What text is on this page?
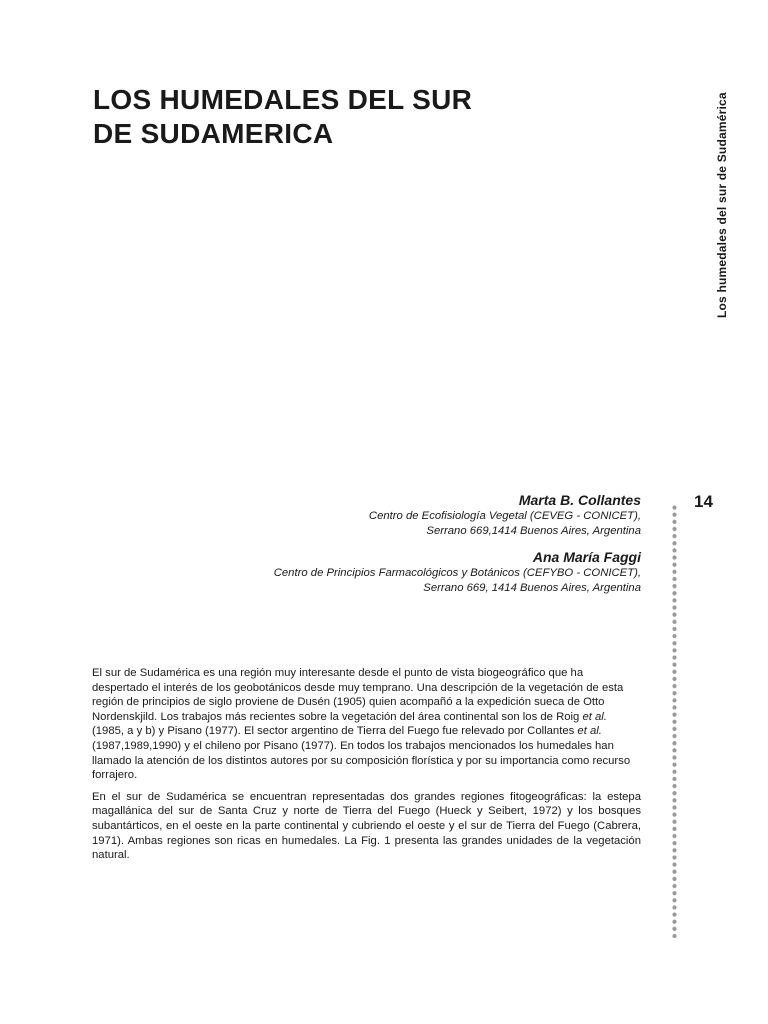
LOS HUMEDALES DEL SUR
DE SUDAMERICA	Los humedales del sur de Sudamérica
14
Marta B. Collantes
Centro de Ecofisiología Vegetal (CEVEG - CONICET),
Serrano 669,1414 Buenos Aires, Argentina
Ana María Faggi
Centro de Principios Farmacológicos y Botánicos (CEFYBO - CONICET),
Serrano 669, 1414 Buenos Aires, Argentina

El sur de Sudamérica es una región muy interesante desde el punto de vista biogeográfico que ha despertado el interés de los geobotánicos desde muy temprano. Una descripción de la vegetación de esta región de principios de siglo proviene de Dusén (1905) quien acompañó a la expedición sueca de Otto Nordenskjild. Los trabajos más recientes sobre la vegetación del área continental son los de Roig et al. (1985, a y b) y Pisano (1977). El sector argentino de Tierra del Fuego fue relevado por Collantes et al.(1987,1989,1990) y el chileno por Pisano (1977). En todos los trabajos mencionados los humedales han llamado la atención de los distintos autores por su composición florística y por su importancia como recurso forrajero.

En el sur de Sudamérica se encuentran representadas dos grandes regiones fitogeográficas: la estepa magallánica del sur de Santa Cruz y norte de Tierra del Fuego (Hueck y Seibert, 1972) y los bosques subantárticos, en el oeste en la parte continental y cubriendo el oeste y el sur de Tierra del Fuego (Cabrera, 1971). Ambas regiones son ricas en humedales. La Fig. 1 presenta las grandes unidades de la vegetación natural.
